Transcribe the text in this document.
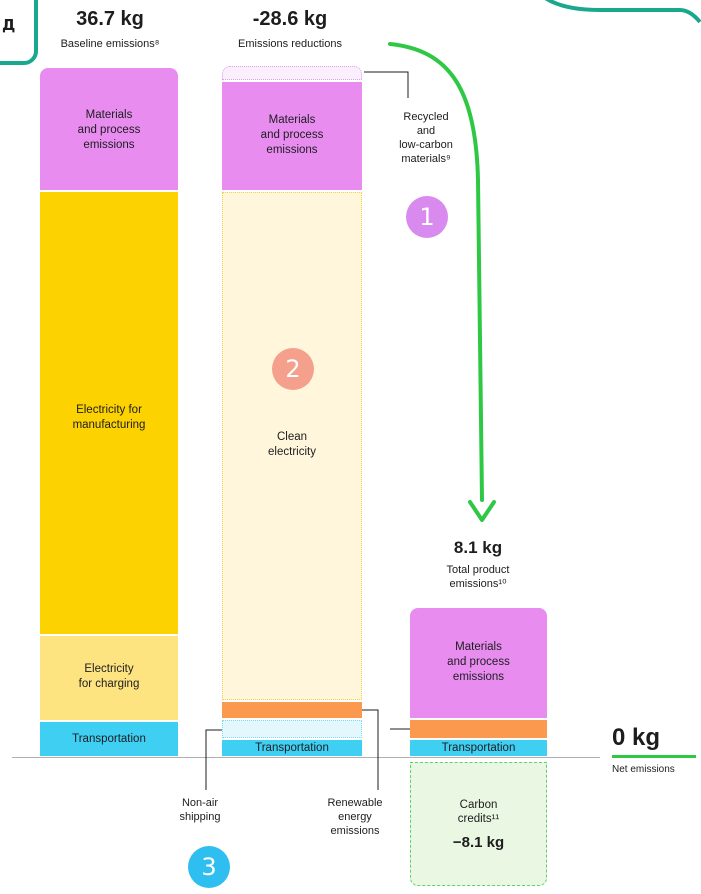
Д	36.7 kg
Baseline emissions⁸
-28.6 kg
Emissions reductions
Materials
and process
emissions
Electricity for
manufacturing
Electricity
for charging
Transportation
Materials
and process
emissions
Clean
electricity
Transportation
8.1 kg
Total product
emissions¹⁰
Materials
and process
emissions
Transportation
Carbon
credits¹¹
−8.1 kg
0 kg
Net emissions
Recycled
and
low-carbon
materials⁹
Non-air
shipping
Renewable
energy
emissions
1
2
3
